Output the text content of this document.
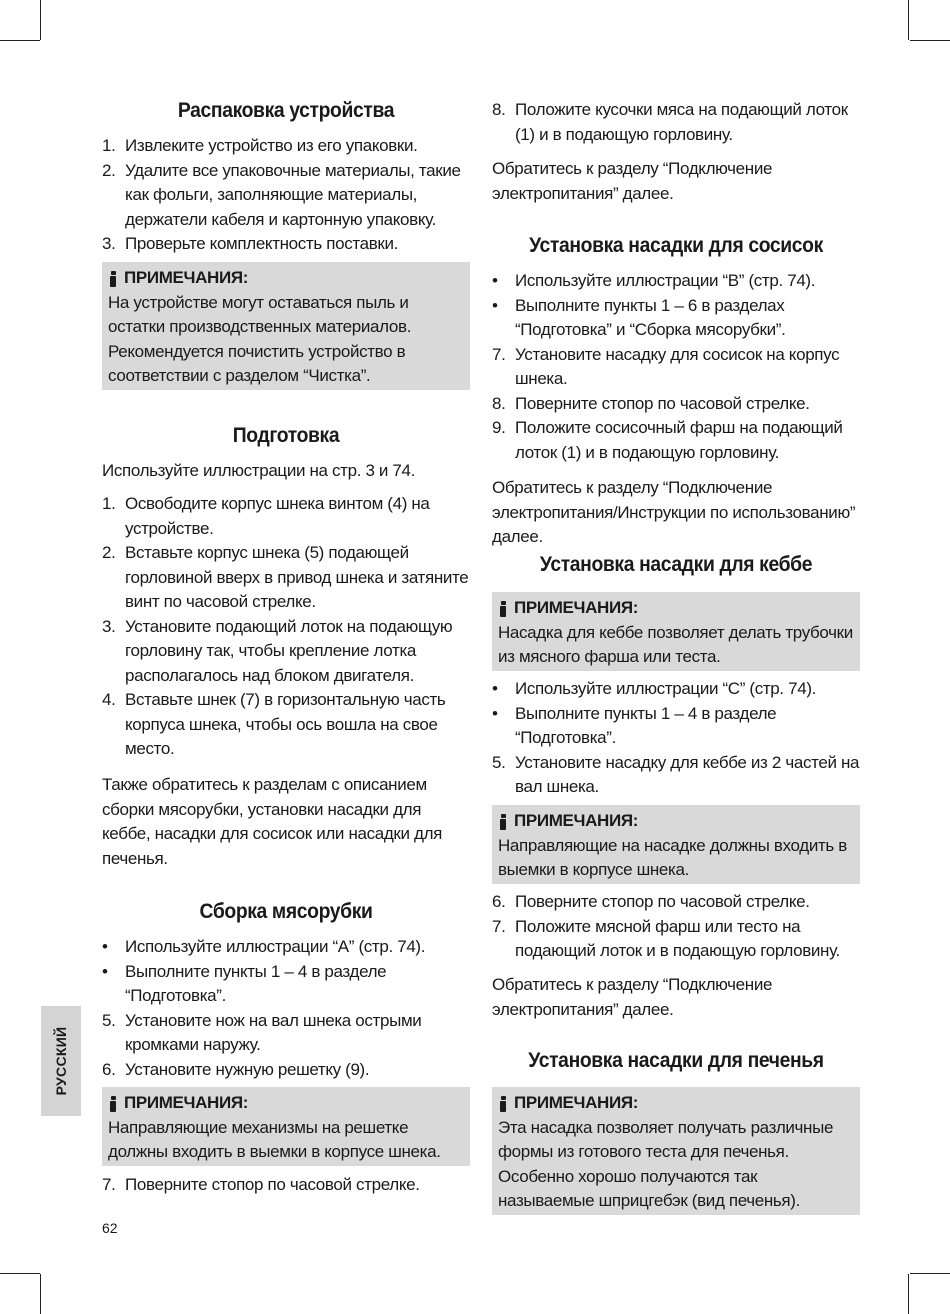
Распаковка устройства
1. Извлеките устройство из его упаковки.
2. Удалите все упаковочные материалы, такие как фольги, заполняющие материалы, держатели кабеля и картонную упаковку.
3. Проверьте комплектность поставки.
ПРИМЕЧАНИЯ:
На устройстве могут оставаться пыль и остатки производственных материалов. Рекомендуется почистить устройство в соответствии с разделом “Чистка”.
Подготовка
Используйте иллюстрации на стр. 3 и 74.
1. Освободите корпус шнека винтом (4) на устройстве.
2. Вставьте корпус шнека (5) подающей горловиной вверх в привод шнека и затяните винт по часовой стрелке.
3. Установите подающий лоток на подающую горловину так, чтобы крепление лотка располагалось над блоком двигателя.
4. Вставьте шнек (7) в горизонтальную часть корпуса шнека, чтобы ось вошла на свое место.
Также обратитесь к разделам с описанием сборки мясорубки, установки насадки для кеббе, насадки для сосисок или насадки для печенья.
Сборка мясорубки
• Используйте иллюстрации “A” (стр. 74).
• Выполните пункты 1 – 4 в разделе “Подготовка”.
5. Установите нож на вал шнека острыми кромками наружу.
6. Установите нужную решетку (9).
ПРИМЕЧАНИЯ:
Направляющие механизмы на решетке должны входить в выемки в корпусе шнека.
7. Поверните стопор по часовой стрелке.
8. Положите кусочки мяса на подающий лоток (1) и в подающую горловину.
Обратитесь к разделу “Подключение электропитания” далее.
Установка насадки для сосисок
• Используйте иллюстрации “B” (стр. 74).
• Выполните пункты 1 – 6 в разделах “Подготовка” и “Сборка мясорубки”.
7. Установите насадку для сосисок на корпус шнека.
8. Поверните стопор по часовой стрелке.
9. Положите сосисочный фарш на подающий лоток (1) и в подающую горловину.
Обратитесь к разделу “Подключение электропитания/Инструкции по использованию” далее.
Установка насадки для кеббе
ПРИМЕЧАНИЯ:
Насадка для кеббе позволяет делать трубочки из мясного фарша или теста.
• Используйте иллюстрации “C” (стр. 74).
• Выполните пункты 1 – 4 в разделе “Подготовка”.
5. Установите насадку для кеббе из 2 частей на вал шнека.
ПРИМЕЧАНИЯ:
Направляющие на насадке должны входить в выемки в корпусе шнека.
6. Поверните стопор по часовой стрелке.
7. Положите мясной фарш или тесто на подающий лоток и в подающую горловину.
Обратитесь к разделу “Подключение электропитания” далее.
Установка насадки для печенья
ПРИМЕЧАНИЯ:
Эта насадка позволяет получать различные формы из готового теста для печенья. Особенно хорошо получаются так называемые шприцгебэк (вид печенья).
РУССКИЙ
62
